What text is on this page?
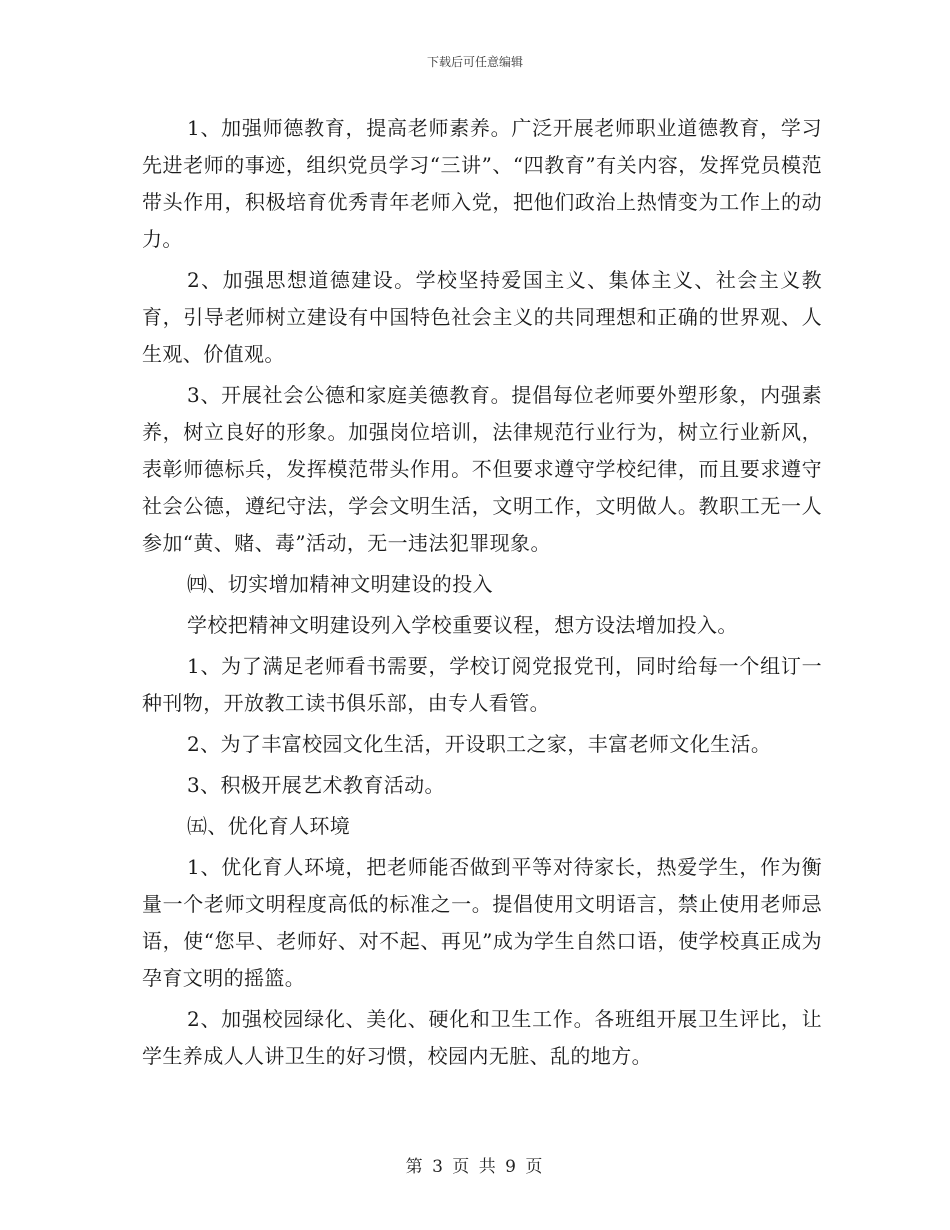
下载后可任意编辑

1、加强师德教育，提高老师素养。广泛开展老师职业道德教育，学习先进老师的事迹，组织党员学习“三讲”、“四教育”有关内容，发挥党员模范带头作用，积极培育优秀青年老师入党，把他们政治上热情变为工作上的动力。

2、加强思想道德建设。学校坚持爱国主义、集体主义、社会主义教育，引导老师树立建设有中国特色社会主义的共同理想和正确的世界观、人生观、价值观。

3、开展社会公德和家庭美德教育。提倡每位老师要外塑形象，内强素养，树立良好的形象。加强岗位培训，法律规范行业行为，树立行业新风，表彰师德标兵，发挥模范带头作用。不但要求遵守学校纪律，而且要求遵守社会公德，遵纪守法，学会文明生活，文明工作，文明做人。教职工无一人参加“黄、赌、毒”活动，无一违法犯罪现象。

㈣、切实增加精神文明建设的投入

学校把精神文明建设列入学校重要议程，想方设法增加投入。

1、为了满足老师看书需要，学校订阅党报党刊，同时给每一个组订一种刊物，开放教工读书俱乐部，由专人看管。

2、为了丰富校园文化生活，开设职工之家，丰富老师文化生活。

3、积极开展艺术教育活动。

㈤、优化育人环境

1、优化育人环境，把老师能否做到平等对待家长，热爱学生，作为衡量一个老师文明程度高低的标准之一。提倡使用文明语言，禁止使用老师忌语，使“您早、老师好、对不起、再见”成为学生自然口语，使学校真正成为孕育文明的摇篮。

2、加强校园绿化、美化、硬化和卫生工作。各班组开展卫生评比，让学生养成人人讲卫生的好习惯，校园内无脏、乱的地方。

第 3 页 共 9 页
